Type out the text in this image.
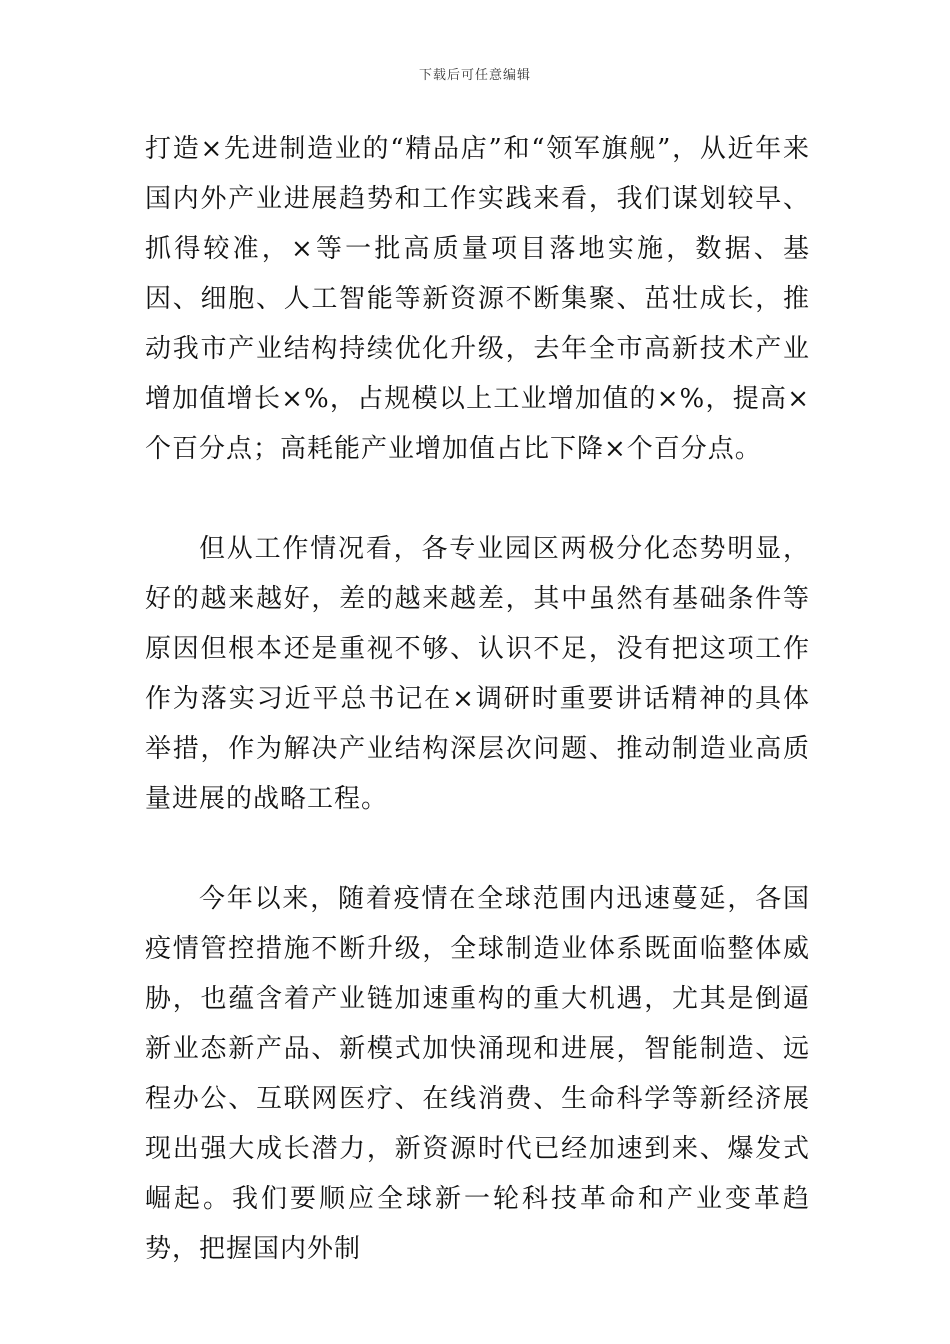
下载后可任意编辑

打造×先进制造业的“精品店”和“领军旗舰”，从近年来国内外产业进展趋势和工作实践来看，我们谋划较早、抓得较准，×等一批高质量项目落地实施，数据、基因、细胞、人工智能等新资源不断集聚、茁壮成长，推动我市产业结构持续优化升级，去年全市高新技术产业增加值增长×%，占规模以上工业增加值的×%，提高×个百分点；高耗能产业增加值占比下降×个百分点。

但从工作情况看，各专业园区两极分化态势明显，好的越来越好，差的越来越差，其中虽然有基础条件等原因但根本还是重视不够、认识不足，没有把这项工作作为落实习近平总书记在×调研时重要讲话精神的具体举措，作为解决产业结构深层次问题、推动制造业高质量进展的战略工程。

今年以来，随着疫情在全球范围内迅速蔓延，各国疫情管控措施不断升级，全球制造业体系既面临整体威胁，也蕴含着产业链加速重构的重大机遇，尤其是倒逼新业态新产品、新模式加快涌现和进展，智能制造、远程办公、互联网医疗、在线消费、生命科学等新经济展现出强大成长潜力，新资源时代已经加速到来、爆发式崛起。我们要顺应全球新一轮科技革命和产业变革趋势，把握国内外制
